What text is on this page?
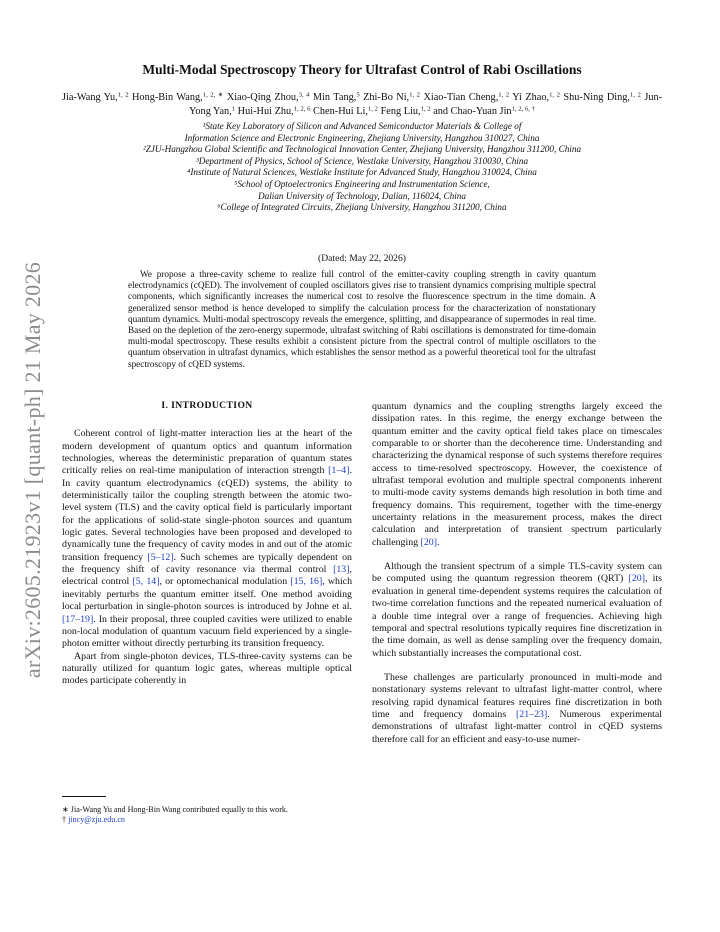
arXiv:2605.21923v1 [quant-ph] 21 May 2026
Multi-Modal Spectroscopy Theory for Ultrafast Control of Rabi Oscillations
Jia-Wang Yu,$^{1, 2}$ Hong-Bin Wang,$^{1, 2, ∗}$ Xiao-Qing Zhou,$^{3, 4}$ Min Tang,$^5$ Zhi-Bo Ni,$^{1, 2}$ Xiao-Tian Cheng,$^{1, 2}$ Yi Zhao,$^{1, 2}$ Shu-Ning Ding,$^{1, 2}$ Jun-Yong Yan,$^1$ Hui-Hui Zhu,$^{1, 2, 6}$ Chen-Hui Li,$^{1, 2}$ Feng Liu,$^{1, 2}$ and Chao-Yuan Jin$^{1, 2, 6, \dagger}$
¹State Key Laboratory of Silicon and Advanced Semiconductor Materials & College of
Information Science and Electronic Engineering, Zhejiang University, Hangzhou 310027, China
²ZJU-Hangzhou Global Scientific and Technological Innovation Center, Zhejiang University, Hangzhou 311200, China
³Department of Physics, School of Science, Westlake University, Hangzhou 310030, China
⁴Institute of Natural Sciences, Westlake Institute for Advanced Study, Hangzhou 310024, China
⁵School of Optoelectronics Engineering and Instrumentation Science,
Dalian University of Technology, Dalian, 116024, China
⁶College of Integrated Circuits, Zhejiang University, Hangzhou 311200, China
(Dated: May 22, 2026)

We propose a three-cavity scheme to realize full control of the emitter-cavity coupling strength in cavity quantum electrodynamics (cQED). The involvement of coupled oscillators gives rise to transient dynamics comprising multiple spectral components, which significantly increases the numerical cost to resolve the fluorescence spectrum in the time domain. A generalized sensor method is hence developed to simplify the calculation process for the characterization of nonstationary quantum dynamics. Multi-modal spectroscopy reveals the emergence, splitting, and disappearance of supermodes in real time. Based on the depletion of the zero-energy supermode, ultrafast switching of Rabi oscillations is demonstrated for time-domain multi-modal spectroscopy. These results exhibit a consistent picture from the spectral control of multiple oscillators to the quantum observation in ultrafast dynamics, which establishes the sensor method as a powerful theoretical tool for the ultrafast spectroscopy of cQED systems.

I. INTRODUCTION

Coherent control of light-matter interaction lies at the heart of the modern development of quantum optics and quantum information technologies, whereas the deterministic preparation of quantum states critically relies on real-time manipulation of interaction strength [1–4]. In cavity quantum electrodynamics (cQED) systems, the ability to deterministically tailor the coupling strength between the atomic two-level system (TLS) and the cavity optical field is particularly important for the applications of solid-state single-photon sources and quantum logic gates. Several technologies have been proposed and developed to dynamically tune the frequency of cavity modes in and out of the atomic transition frequency [5–12]. Such schemes are typically dependent on the frequency shift of cavity resonance via thermal control [13], electrical control [5, 14], or optomechanical modulation [15, 16], which inevitably perturbs the quantum emitter itself. One method avoiding local perturbation in single-photon sources is introduced by Johne et al. [17–19]. In their proposal, three coupled cavities were utilized to enable non-local modulation of quantum vacuum field experienced by a single-photon emitter without directly perturbing its transition frequency.

Apart from single-photon devices, TLS-three-cavity systems can be naturally utilized for quantum logic gates, whereas multiple optical modes participate coherently in

quantum dynamics and the coupling strengths largely exceed the dissipation rates. In this regime, the energy exchange between the quantum emitter and the cavity optical field takes place on timescales comparable to or shorter than the decoherence time. Understanding and characterizing the dynamical response of such systems therefore requires access to time-resolved spectroscopy. However, the coexistence of ultrafast temporal evolution and multiple spectral components inherent to multi-mode cavity systems demands high resolution in both time and frequency domains. This requirement, together with the time-energy uncertainty relations in the measurement process, makes the direct calculation and interpretation of transient spectrum particularly challenging [20].

Although the transient spectrum of a simple TLS-cavity system can be computed using the quantum regression theorem (QRT) [20], its evaluation in general time-dependent systems requires the calculation of two-time correlation functions and the repeated numerical evaluation of a double time integral over a range of frequencies. Achieving high temporal and spectral resolutions typically requires fine discretization in the time domain, as well as dense sampling over the frequency domain, which substantially increases the computational cost.

These challenges are particularly pronounced in multi-mode and nonstationary systems relevant to ultrafast light-matter control, where resolving rapid dynamical features requires fine discretization in both time and frequency domains [21–23]. Numerous experimental demonstrations of ultrafast light-matter control in cQED systems therefore call for an efficient and easy-to-use numer-

∗ Jia-Wang Yu and Hong-Bin Wang contributed equally to this work.
† jincy@zju.edu.cn
